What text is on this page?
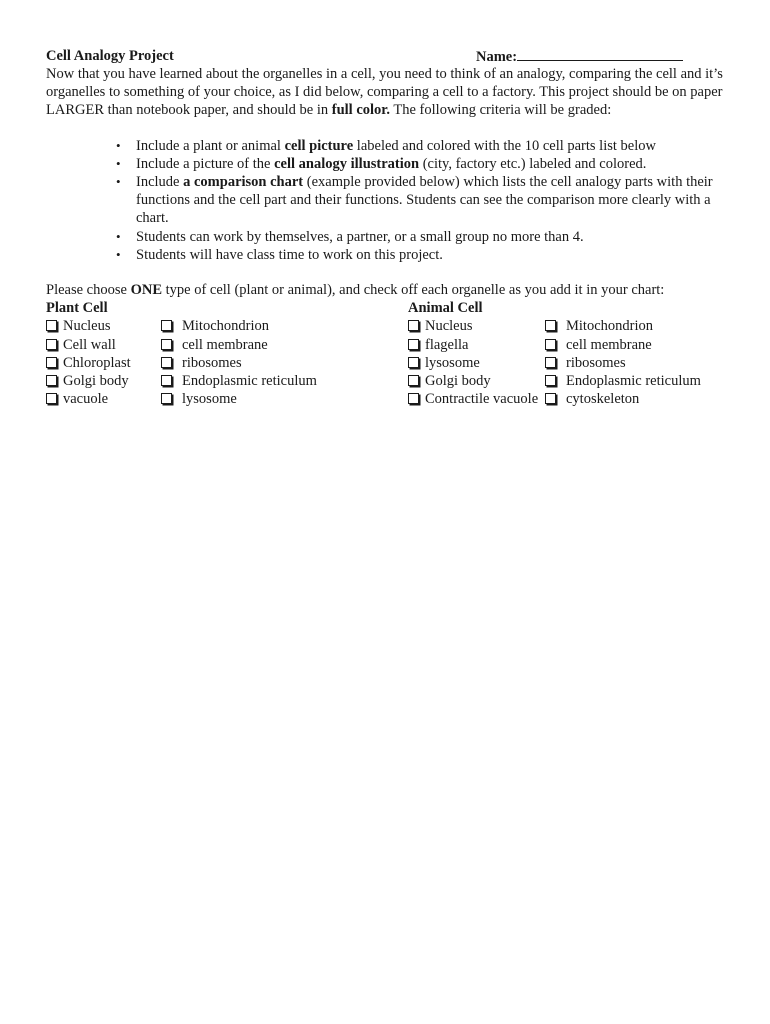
Cell Analogy Project	Name:

Now that you have learned about the organelles in a cell, you need to think of an analogy, comparing the cell and it’s organelles to something of your choice, as I did below, comparing a cell to a factory. This project should be on paper LARGER than notebook paper, and should be in full color. The following criteria will be graded:

• Include a plant or animal cell picture labeled and colored with the 10 cell parts list below
• Include a picture of the cell analogy illustration (city, factory etc.) labeled and colored.
• Include a comparison chart (example provided below) which lists the cell analogy parts with their functions and the cell part and their functions. Students can see the comparison more clearly with a chart.
• Students can work by themselves, a partner, or a small group no more than 4.
• Students will have class time to work on this project.

Please choose ONE type of cell (plant or animal), and check off each organelle as you add it in your chart:

Plant Cell
Nucleus
Cell wall
Chloroplast
Golgi body
vacuole
Mitochondrion
cell membrane
ribosomes
Endoplasmic reticulum
lysosome
Animal Cell
Nucleus
flagella
lysosome
Golgi body
Contractile vacuole
Mitochondrion
cell membrane
ribosomes
Endoplasmic reticulum
cytoskeleton
